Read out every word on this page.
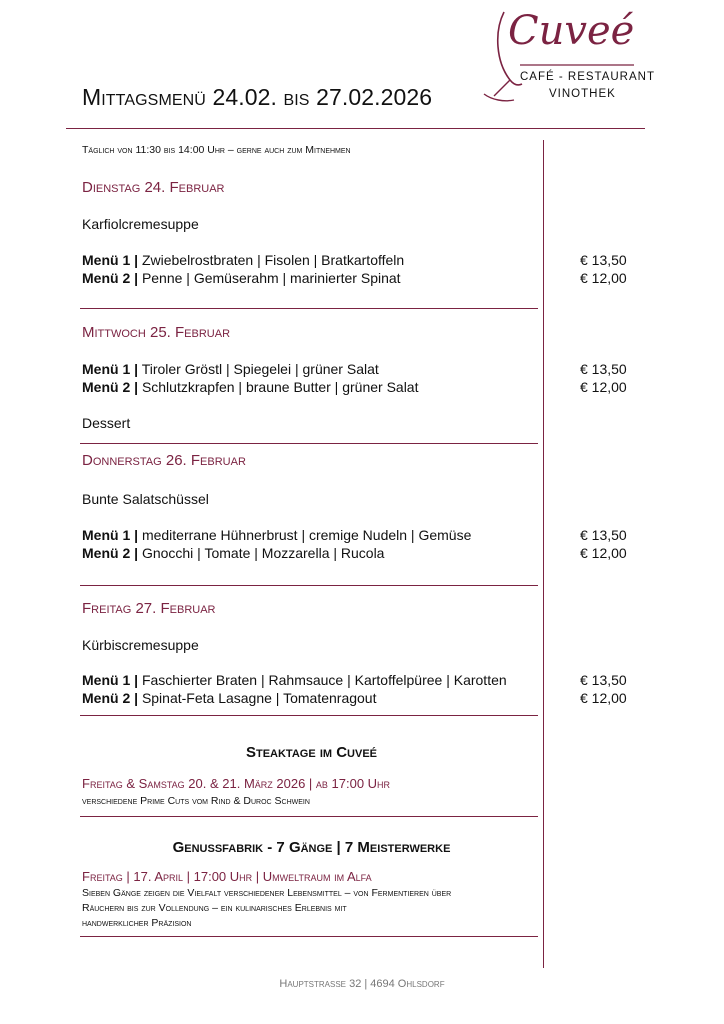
Cuveé
CAFÉ - RESTAURANT
VINOTHEK
Mittagsmenü 24.02. bis 27.02.2026
Täglich von 11:30 bis 14:00 Uhr – gerne auch zum Mitnehmen
Dienstag 24. Februar
Karfiolcremesuppe
Menü 1 | Zwiebelrostbraten | Fisolen | Bratkartoffeln	€ 13,50
Menü 2 | Penne | Gemüserahm | marinierter Spinat	€ 12,00
Mittwoch 25. Februar
Menü 1 | Tiroler Gröstl | Spiegelei | grüner Salat	€ 13,50
Menü 2 | Schlutzkrapfen | braune Butter | grüner Salat	€ 12,00
Dessert
Donnerstag 26. Februar
Bunte Salatschüssel
Menü 1 | mediterrane Hühnerbrust | cremige Nudeln | Gemüse	€ 13,50
Menü 2 | Gnocchi | Tomate | Mozzarella | Rucola	€ 12,00
Freitag 27. Februar
Kürbiscremesuppe
Menü 1 | Faschierter Braten | Rahmsauce | Kartoffelpüree | Karotten	€ 13,50
Menü 2 | Spinat-Feta Lasagne | Tomatenragout	€ 12,00
Steaktage im Cuveé
Freitag & Samstag 20. & 21. März 2026 | ab 17:00 Uhr
verschiedene Prime Cuts vom Rind & Duroc Schwein
Genussfabrik - 7 Gänge | 7 Meisterwerke
Freitag | 17. April | 17:00 Uhr | Umweltraum im Alfa
Sieben Gänge zeigen die Vielfalt verschiedener Lebensmittel – von Fermentieren über
Räuchern bis zur Vollendung – ein kulinarisches Erlebnis mit
handwerklicher Präzision
Hauptstraße 32 | 4694 Ohlsdorf
